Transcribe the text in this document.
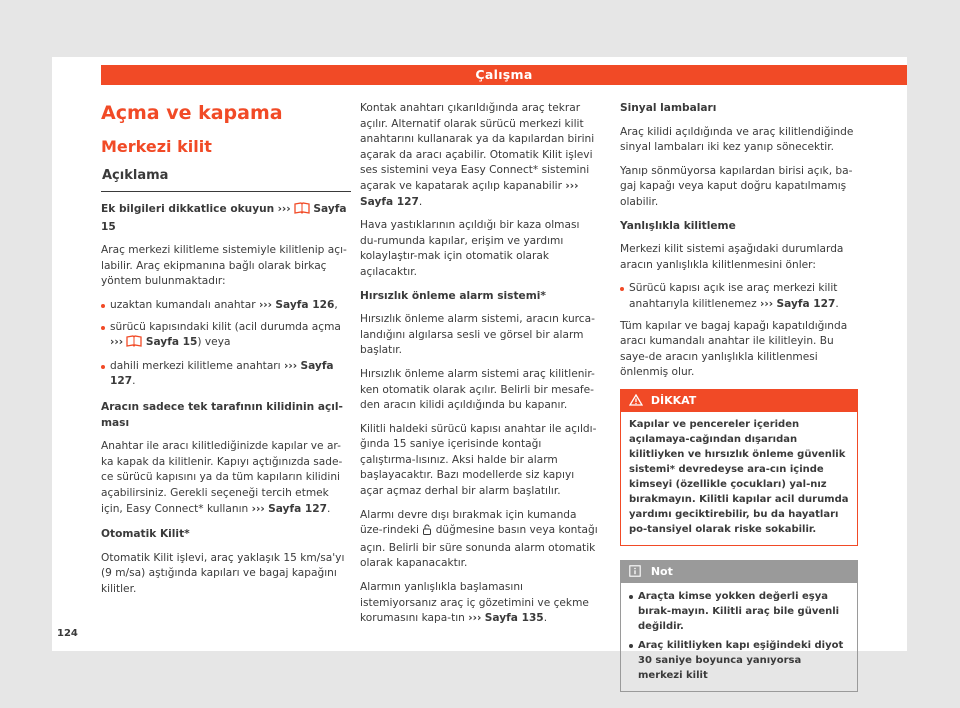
Çalışma
Açma ve kapama
Merkezi kilit
Açıklama

Ek bilgileri dikkatlice okuyun ››› Sayfa 15

Araç merkezi kilitleme sistemiyle kilitlenip açı-labilir. Araç ekipmanına bağlı olarak birkaç yöntem bulunmaktadır:

uzaktan kumandalı anahtar ››› Sayfa 126,
sürücü kapısındaki kilit (acil durumda açma ››› Sayfa 15) veya
dahili merkezi kilitleme anahtarı ››› Sayfa 127.

Aracın sadece tek tarafının kilidinin açıl-ması

Anahtar ile aracı kilitlediğinizde kapılar ve ar-ka kapak da kilitlenir. Kapıyı açtığınızda sade-ce sürücü kapısını ya da tüm kapıların kilidini açabilirsiniz. Gerekli seçeneği tercih etmek için, Easy Connect* kullanın ››› Sayfa 127.

Otomatik Kilit*

Otomatik Kilit işlevi, araç yaklaşık 15 km/sa'yı (9 m/sa) aştığında kapıları ve bagaj kapağını kilitler.

Kontak anahtarı çıkarıldığında araç tekrar açılır. Alternatif olarak sürücü merkezi kilit anahtarını kullanarak ya da kapılardan birini açarak da aracı açabilir. Otomatik Kilit işlevi ses sistemini veya Easy Connect* sistemini açarak ve kapatarak açılıp kapanabilir ››› Sayfa 127.

Hava yastıklarının açıldığı bir kaza olması du-rumunda kapılar, erişim ve yardımı kolaylaştır-mak için otomatik olarak açılacaktır.

Hırsızlık önleme alarm sistemi*

Hırsızlık önleme alarm sistemi, aracın kurca-landığını algılarsa sesli ve görsel bir alarm başlatır.

Hırsızlık önleme alarm sistemi araç kilitlenir-ken otomatik olarak açılır. Belirli bir mesafe-den aracın kilidi açıldığında bu kapanır.

Kilitli haldeki sürücü kapısı anahtar ile açıldı-ğında 15 saniye içerisinde kontağı çalıştırma-lısınız. Aksi halde bir alarm başlayacaktır. Bazı modellerde siz kapıyı açar açmaz derhal bir alarm başlatılır.

Alarmı devre dışı bırakmak için kumanda üze-rindeki düğmesine basın veya kontağı açın. Belirli bir süre sonunda alarm otomatik olarak kapanacaktır.

Alarmın yanlışlıkla başlamasını istemiyorsanız araç iç gözetimini ve çekme korumasını kapa-tın ››› Sayfa 135.

Sinyal lambaları

Araç kilidi açıldığında ve araç kilitlendiğinde sinyal lambaları iki kez yanıp sönecektir.

Yanıp sönmüyorsa kapılardan birisi açık, ba-gaj kapağı veya kaput doğru kapatılmamış olabilir.

Yanlışlıkla kilitleme

Merkezi kilit sistemi aşağıdaki durumlarda aracın yanlışlıkla kilitlenmesini önler:

Sürücü kapısı açık ise araç merkezi kilit anahtarıyla kilitlenemez ››› Sayfa 127.

Tüm kapılar ve bagaj kapağı kapatıldığında aracı kumandalı anahtar ile kilitleyin. Bu saye-de aracın yanlışlıkla kilitlenmesi önlenmiş olur.

DİKKAT
Kapılar ve pencereler içeriden açılamaya-cağından dışarıdan kilitliyken ve hırsızlık önleme güvenlik sistemi* devredeyse ara-cın içinde kimseyi (özellikle çocukları) yal-nız bırakmayın. Kilitli kapılar acil durumda yardımı geciktirebilir, bu da hayatları po-tansiyel olarak riske sokabilir.
Not
Araçta kimse yokken değerli eşya bırak-mayın. Kilitli araç bile güvenli değildir.
Araç kilitliyken kapı eşiğindeki diyot 30 saniye boyunca yanıyorsa merkezi kilit
124
